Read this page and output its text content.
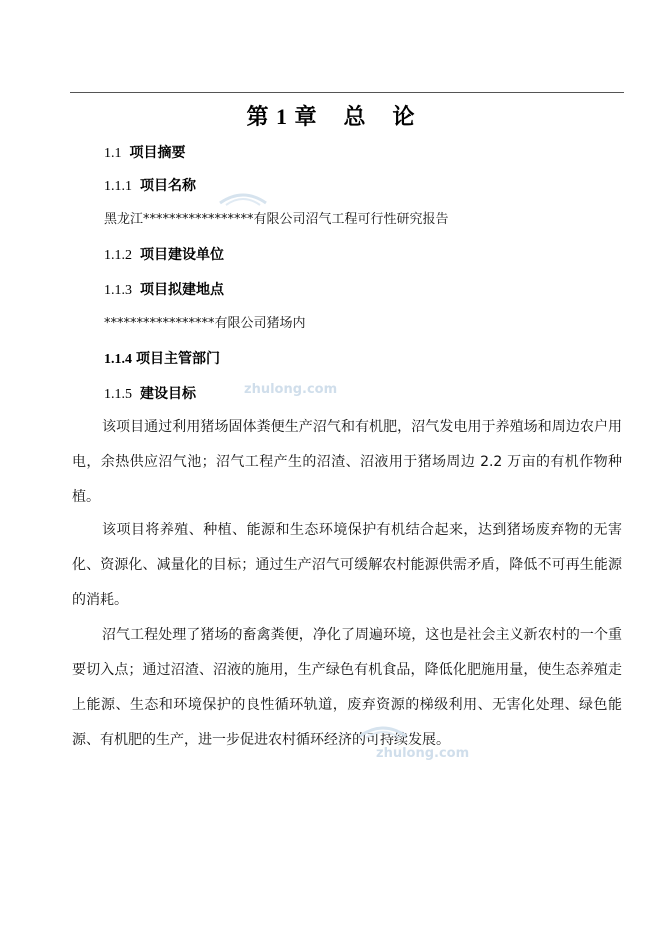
第 1 章    总    论
1.1 项目摘要
1.1.1 项目名称
黑龙江*****************有限公司沼气工程可行性研究报告
1.1.2 项目建设单位
1.1.3 项目拟建地点
*****************有限公司猪场内
1.1.4 项目主管部门
1.1.5 建设目标
该项目通过利用猪场固体粪便生产沼气和有机肥，沼气发电用于养殖场和周边农户用电，余热供应沼气池；沼气工程产生的沼渣、沼液用于猪场周边 2.2 万亩的有机作物种植。
该项目将养殖、种植、能源和生态环境保护有机结合起来，达到猪场废弃物的无害化、资源化、减量化的目标；通过生产沼气可缓解农村能源供需矛盾，降低不可再生能源的消耗。
沼气工程处理了猪场的畜禽粪便，净化了周遍环境，这也是社会主义新农村的一个重要切入点；通过沼渣、沼液的施用，生产绿色有机食品，降低化肥施用量，使生态养殖走上能源、生态和环境保护的良性循环轨道，废弃资源的梯级利用、无害化处理、绿色能源、有机肥的生产，进一步促进农村循环经济的可持续发展。
zhulong.com
zhulong.com
